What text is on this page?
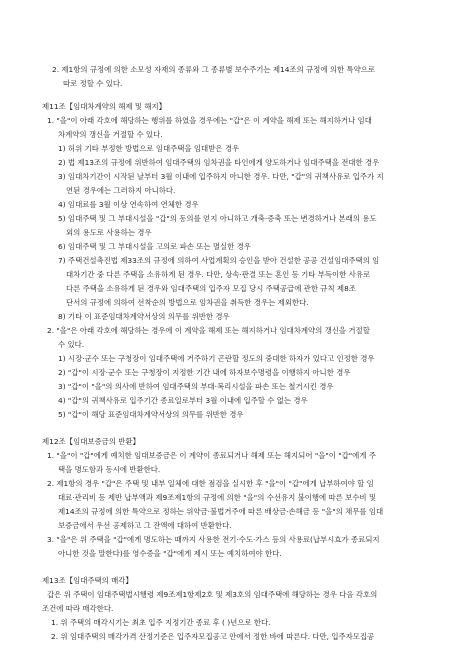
2. 제1항의 규정에 의한 소모성 자재의 종류와 그 종류별 보수주기는 제14조의 규정에 의한 특약으로
따로 정할 수 있다.
제11조【임대차계약의 해제 및 해지】
1. "을"이 아래 각호에 해당하는 행위를 하였을 경우에는 "갑"은 이 계약을 해제 또는 해지하거나 임대
차계약의 갱신을 거절할 수 있다.
1) 허위 기타 부정한 방법으로 임대주택을 임대받은 경우
2) 법 제13조의 규정에 위반하여 임대주택의 임차권을 타인에게 양도하거나 임대주택을 전대한 경우
3) 임대차기간이 시작된 날부터 3월 이내에 입주하지 아니한 경우. 다만, "갑"의 귀책사유로 입주가 지
연된 경우에는 그러하지 아니하다.
4) 임대료를 3월 이상 연속하여 연체한 경우
5) 임대주택 및 그 부대시설을 "갑"의 동의를 얻지 아니하고 개축·증축 또는 변경하거나 본래의 용도
외의 용도로 사용하는 경우
6) 임대주택 및 그 부대시설을 고의로 파손 또는 멸실한 경우
7) 주택건설촉진법 제33조의 규정에 의하여 사업계획의 승인을 받아 건설한 공공 건설임대주택의 임
대차기간 중 다른 주택을 소유하게 된 경우. 다만, 상속·판결 또는 혼인 등 기타 부득이한 사유로
다른 주택을 소유하게 된 경우와 임대주택의 입주자 모집 당시 주택공급에 관한 규칙 제8조
단서의 규정에 의하여 선착순의 방법으로 임차권을 취득한 경우는 제외한다.
8) 기타 이 표준임대차계약서상의 의무를 위반한 경우
2. "을"은 아래 각호에 해당하는 경우에 이 계약을 해제 또는 해지하거나 임대차계약의 갱신을 거절할
수 있다.
1) 시장·군수 또는 구청장이 임대주택에 거주하기 곤란할 정도의 중대한 하자가 있다고 인정한 경우
2) "갑"이 시장·군수 또는 구청장이 지정한 기간 내에 하자보수명령을 이행하지 아니한 경우
3) "갑"이 "을"의 의사에 반하여 임대주택의 부대·복리시설을 파손 또는 철거시킨 경우
4) "갑"의 귀책사유로 입주기간 종료일로부터 3월 이내에 입주할 수 없는 경우
5) "갑"이 해당 표준임대차계약서상의 의무를 위반한 경우
제12조【임대보증금의 반환】
1. "을"이 "갑"에게 예치한 임대보증금은 이 계약이 종료되거나 해제 또는 해지되어 "을"이 "갑"에게 주
택을 명도함과 동시에 반환한다.
2. 제1항의 경우 "갑"은 주택 및 내부 일체에 대한 점검을 실시한 후 "을"이 "갑"에게 납부하여야 할 임
대료·관리비 등 제반 납부액과 제9조제1항의 규정에 의한 "을"의 수선유지 불이행에 따른 보수비 및
제14조의 규정에 의한 특약으로 정하는 위약금·불법거주에 따른 배상금·손해금 등 "을"의 채무를 임대
보증금에서 우선 공제하고 그 잔액에 대하여 반환한다.
3. "을"은 위 주택을 "갑"에게 명도하는 때까지 사용한 전기·수도·가스 등의 사용료(납부시효가 종료되지
아니한 것을 말한다)를 영수증을 "갑"에게 제시 또는 예치하여야 한다.
제13조【임대주택의 매각】
갑은 위 주택이 임대주택법시행령 제9조제1항제2호 및 제3호의 임대주택에 해당하는 경우 다음 각호의
조건에 따라 매각한다.
1. 위 주택의 매각시기는 최초 입주 지정기간 종료 후 ( )년으로 한다.
2. 위 임대주택의 매각가격 산정기준은 입주자모집공고 안에서 정한 바에 따른다. 다만, 입주자모집공
